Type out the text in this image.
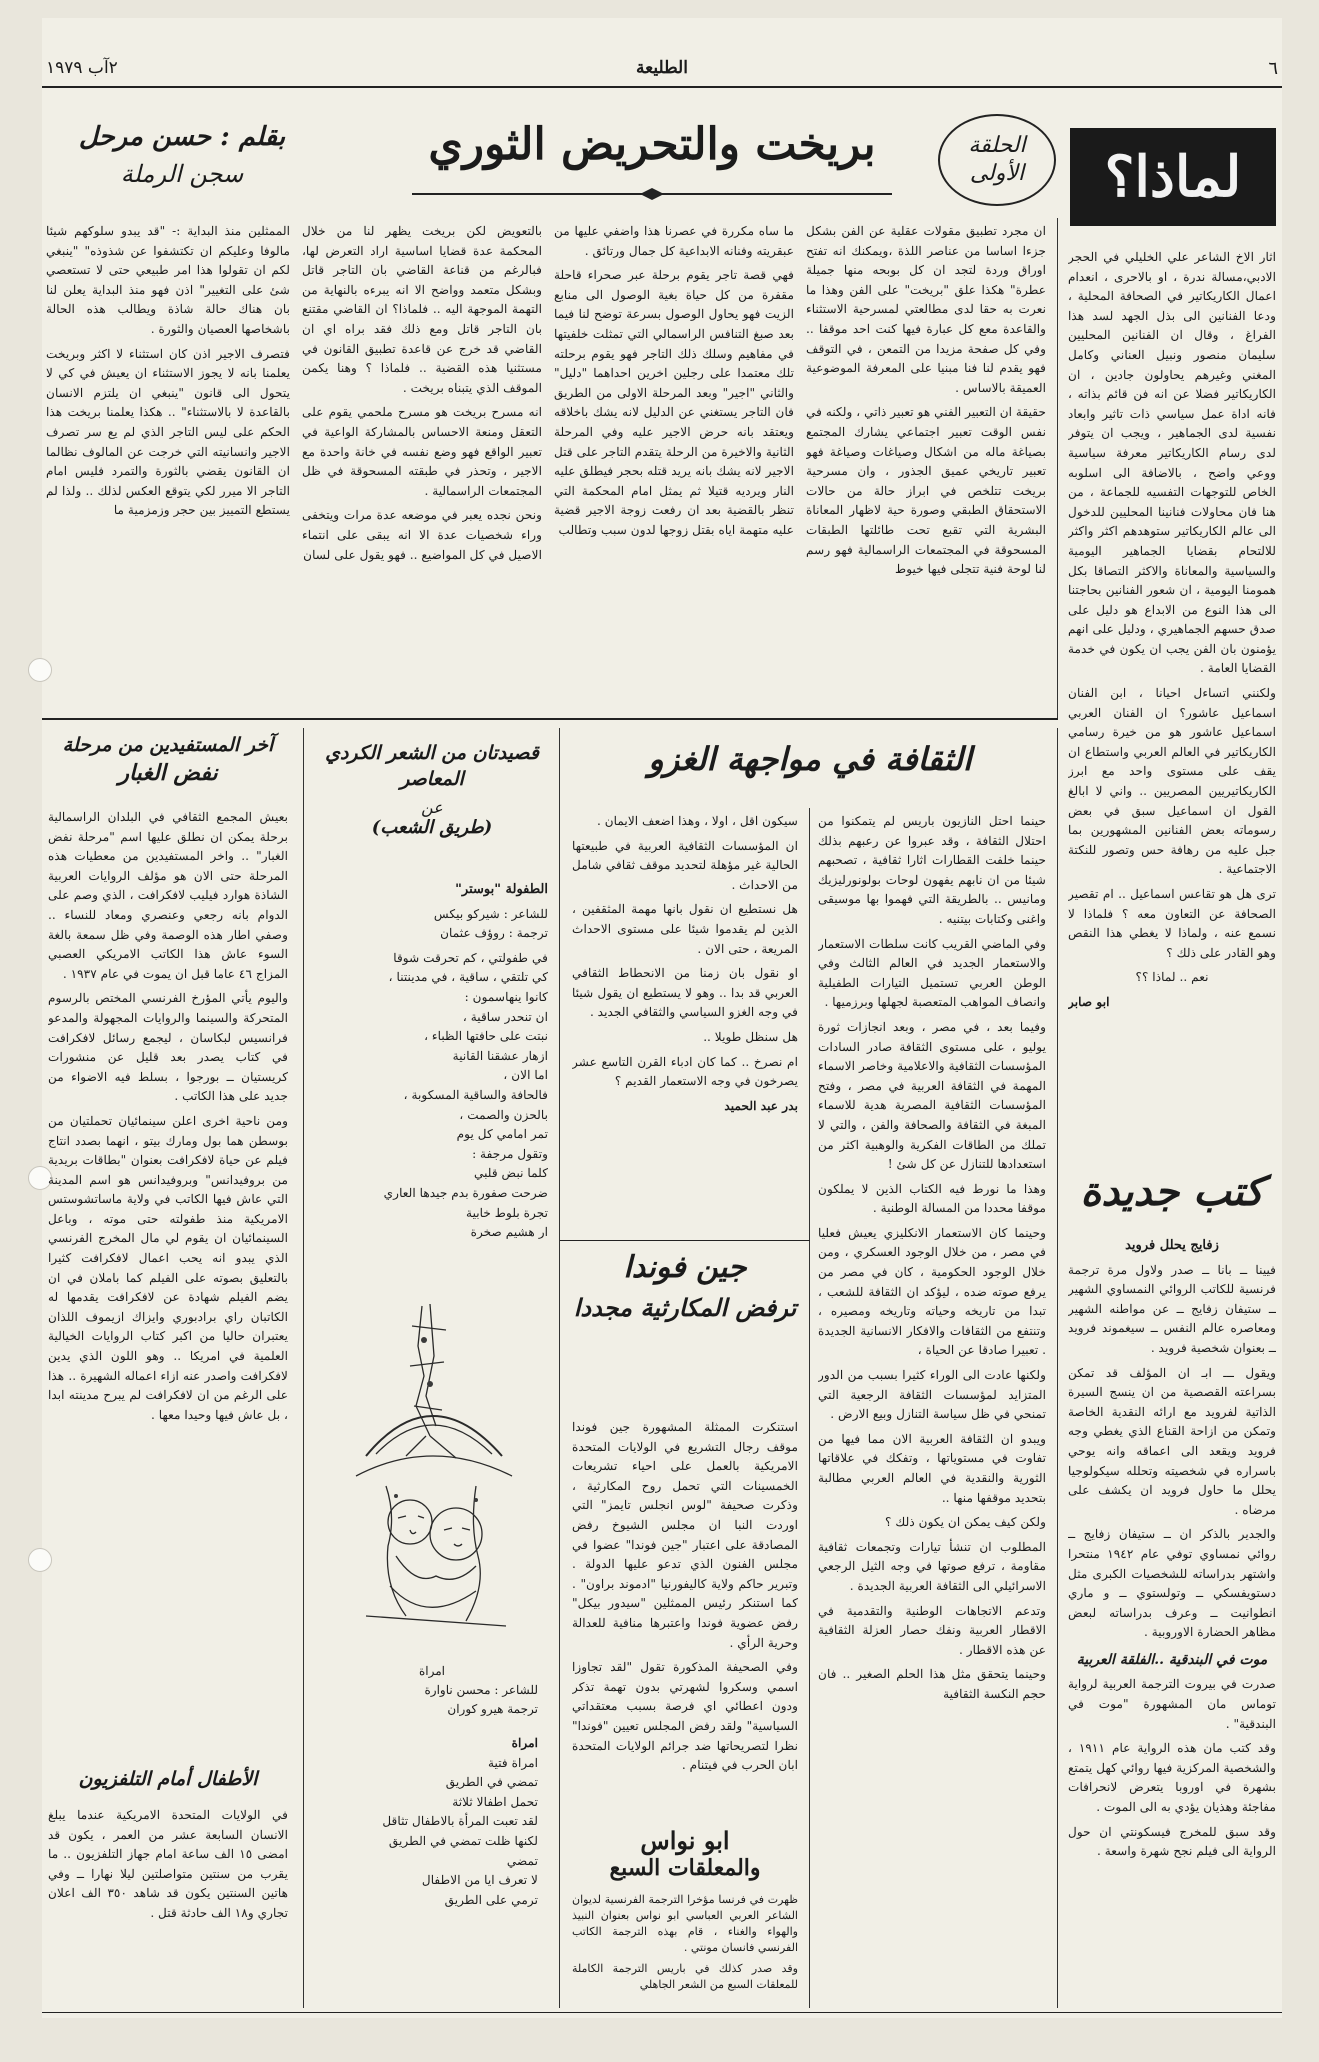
٦
الطليعة
٢آب ١٩٧٩
لماذا؟
الحلقة الأولى
بريخت والتحريض الثوري
بقلم : حسن مرحل
سجن الرملة

اثار الاخ الشاعر علي الخليلي في الحجر الادبي،مسالة ندرة ، او بالاحرى ، انعدام اعمال الكاريكاتير في الصحافة المحلية ، ودعا الفنانين الى بذل الجهد لسد هذا الفراغ ، وقال ان الفنانين المحليين سليمان منصور ونبيل العناني وكامل المغني وغيرهم يحاولون جادين ، ان الكاريكاتير فضلا عن انه فن قائم بذاته ، فانه اداة عمل سياسي ذات تاثير وابعاد نفسية لدى الجماهير ، ويجب ان يتوفر لدى رسام الكاريكاتير معرفة سياسية ووعي واضح ، بالاضافة الى اسلوبه الخاص للتوجهات التفسيه للجماعة ، من هنا فان محاولات فنانينا المحليين للدخول الى عالم الكاريكاتير ستوهدهم اكثر واكثر للالتحام بقضايا الجماهير اليومية والسياسية والمعاناة والاكثر التصاقا بكل همومنا اليومية ، ان شعور الفنانين بحاجتنا الى هذا النوع من الابداع هو دليل على صدق حسهم الجماهيري ، ودليل على انهم يؤمنون بان الفن يجب ان يكون في خدمة القضايا العامة .

ولكنني اتساءل احيانا ، ابن الفنان اسماعيل عاشور؟ ان الفنان العربي اسماعيل عاشور هو من خيرة رسامي الكاريكاتير في العالم العربي واستطاع ان يقف على مستوى واحد مع ابرز الكاريكاتيريين المصريين .. واني لا ابالغ القول ان اسماعيل سبق في بعض رسوماته بعض الفنانين المشهورين بما جبل عليه من رهافة حس وتصور للنكتة الاجتماعية .

ترى هل هو تقاعس اسماعيل .. ام تقصير الصحافة عن التعاون معه ؟ فلماذا لا نسمع عنه ، ولماذا لا يغطي هذا النقص وهو القادر على ذلك ؟

نعم .. لماذا ؟؟

ابو صابر

ان مجرد تطبيق مقولات عقلية عن الفن بشكل جزءا اساسا من عناصر اللذة ،ويمكنك انه تفتح اوراق وردة لتجد ان كل بوبحه منها جميلة عطرة" هكذا علق "بريخت" على الفن وهذا ما نعرت به حقا لدى مطالعتي لمسرحية الاستثناء والقاعدة معع كل عبارة فيها كنت احد موقفا .. وفي كل صفحة مزيدا من التمعن ، في التوقف فهو يقدم لنا فنا مبنيا على المعرفة الموضوعية العميقة بالاساس .

حقيقة ان التعبير الفني هو تعبير ذاتي ، ولكنه في نفس الوقت تعبير اجتماعي يشارك المجتمع بصياغة ماله من اشكال وصياغات وصياغة فهو تعبير تاريخي عميق الجذور ، وان مسرحية بريخت تتلخص في ابراز حالة من حالات الاستحقاق الطبقي وصورة حية لاظهار المعاناة البشرية التي تقبع تحت طائلتها الطبقات المسحوقة في المجتمعات الراسمالية فهو رسم لنا لوحة فنية تتجلى فيها خيوط

ما ساه مكررة في عصرنا هذا واضفي عليها من عبقريته وفنانه الابداعية كل جمال ورتائق .

فهي قصة تاجر يقوم برحلة عبر صحراء قاحلة مقفرة من كل حياة بغية الوصول الى منابع الزيت فهو يحاول الوصول بسرعة توضح لنا فيما بعد صبغ التنافس الراسمالي التي تمثلت خلفيتها في مفاهيم وسلك ذلك التاجر فهو يقوم برحلته تلك معتمدا على رجلين اخرين احداهما "دليل" والثاني "اجير" وبعد المرحلة الاولى من الطريق فان التاجر يستغني عن الدليل لانه يشك باخلاقه ويعتقد بانه حرض الاجير عليه وفي المرحلة الثانية والاخيرة من الرحلة يتقدم التاجر على قتل الاجير لانه يشك بانه يريد قتله بحجر فيطلق عليه النار ويرديه قتيلا ثم يمثل امام المحكمة التي تنظر بالقضية بعد ان رفعت زوجة الاجير قضية عليه متهمة اياه بقتل زوجها لدون سبب وتطالب

بالتعويض لكن بريخت يظهر لنا من خلال المحكمة عدة قضايا اساسية اراد التعرض لها، فبالرغم من قناعة القاضي بان التاجر قاتل وبشكل متعمد وواضح الا انه يبرءه بالنهاية من التهمة الموجهة اليه .. فلماذا؟ ان القاضي مقتنع بان التاجر قاتل ومع ذلك فقد براه اي ان القاضي قد خرج عن قاعدة تطبيق القانون في مستثنيا هذه القضية .. فلماذا ؟ وهنا يكمن الموقف الذي يتبناه بريخت .

انه مسرح بريخت هو مسرح ملحمي يقوم على التعقل ومنعة الاحساس بالمشاركة الواعية في تعبير الواقع فهو وضع نفسه في خانة واحدة مع الاجير ، وتحذر في طبقته المسحوقة في ظل المجتمعات الراسمالية .

ونحن نجده يعبر في موضعه عدة مرات ويتخفى وراء شخصيات عدة الا انه يبقى على انتماء الاصيل في كل المواضيع .. فهو يقول على لسان

الممثلين منذ البداية :- "قد يبدو سلوكهم شيئا مالوفا وعليكم ان تكتشفوا عن شذوذه" "ينبغي لكم ان تقولوا هذا امر طبيعي حتى لا تستعصي شئ على التغيير" اذن فهو منذ البداية يعلن لنا بان هناك حالة شاذة ويطالب هذه الحالة باشخاصها العصيان والثورة .

فتصرف الاجير اذن كان استثناء لا اكثر وبريخت يعلمنا بانه لا يجوز الاستثناء ان يعيش في كي لا يتحول الى قانون "ينبغي ان يلتزم الانسان بالقاعدة لا بالاستثناء" .. هكذا يعلمنا بريخت هذا الحكم على ليس التاجر الذي لم يع سر تصرف الاجير وانسانيته التي خرجت عن المالوف نظالما ان القانون يقضي بالثورة والتمرد فليس امام التاجر الا ميرر لكي يتوقع العكس لذلك .. ولذا لم يستطع التمييز بين حجر وزمزمية ما

كتب جديدة

زفايج يحلل فرويد

فيينا ــ بانا ــ صدر ولاول مرة ترجمة فرنسية للكاتب الروائي النمساوي الشهير ــ ستيفان زفايج ــ عن مواطنه الشهير ومعاصره عالم النفس ــ سيغموند فرويد ــ بعنوان شخصية فرويد .

ويقول ـــ ابـ ان المؤلف قد تمكن بسراعته القصصية من ان ينسج السيرة الذاتية لفرويد مع ارائه النقدية الخاصة وتمكن من ازاحة القناع الذي يغطي وجه فرويد ويقعد الى اعماقه وانه يوحي باسراره في شخصيته وتحلله سيكولوجيا يحلل ما حاول فرويد ان يكشف على مرضاه .

والجدير بالذكر ان ــ ستيفان زفايج ــ روائي نمساوي توفي عام ١٩٤٢ منتحرا واشتهر بدراساته للشخصيات الكبرى مثل دستويفسكي ــ وتولستوي ــ و ماري انطوانيت ــ وعرف بدراساته لبعض مظاهر الحضارة الاوروبية .

موت في البندقية ..الفلقة العربية

صدرت في بيروت الترجمة العربية لرواية توماس مان المشهورة "موت في البندقية" .

وقد كتب مان هذه الرواية عام ١٩١١ ، والشخصية المركزية فيها روائي كهل يتمتع بشهرة في اوروبا يتعرض لانحرافات مفاجئة وهذيان يؤدي به الى الموت .

وقد سبق للمخرج فيسكونتي ان حول الرواية الى فيلم نجح شهرة واسعة .

الثقافة في مواجهة الغزو

حينما احتل النازيون باريس لم يتمكنوا من احتلال الثقافة ، وقد عبروا عن رعبهم بذلك حينما خلفت القطارات اثارا ثقافية ، تصحبهم شيئا من ان نابهم يفهون لوحات بولونورليزيك ومانيس .. بالطريقة التي فهموا بها موسيقى واغنى وكتابات بيتنيه .

وفي الماضي القريب كانت سلطات الاستعمار والاستعمار الجديد في العالم الثالث وفي الوطن العربي تستميل التيارات الطفيلية وانصاف المواهب المتعصبة لجهلها وبرزميها .

وفيما بعد ، في مصر ، وبعد انجازات ثورة يوليو ، على مستوى الثقافة صادر السادات المؤسسات الثقافية والاعلامية وخاصر الاسماء المهمة في الثقافة العربية في مصر ، وفتح المؤسسات الثقافية المصرية هدية للاسماء المبغة في الثقافة والصحافة والفن ، والتي لا تملك من الطاقات الفكرية والوهبية اكثر من استعدادها للتنازل عن كل شئ !

وهذا ما نورط فيه الكتاب الذين لا يملكون موقفا محددا من المسالة الوطنية .

وحينما كان الاستعمار الانكليزي يعيش فعليا في مصر ، من خلال الوجود العسكري ، ومن خلال الوجود الحكومية ، كان في مصر من يرفع صوته ضده ، ليؤكد ان الثقافة للشعب ، تبدا من تاريخه وحياته وتاريخه ومصيره ، وتنتفع من الثقافات والافكار الانسانية الجديدة . تعبيرا صادقا عن الحياة ،

ولكنها عادت الى الوراء كثيرا بسبب من الدور المتزايد لمؤسسات الثقافة الرجعية التي تمنحي في ظل سياسة التنازل وبيع الارض .

ويبدو ان الثقافة العربية الان مما فيها من تفاوت في مستوياتها ، وتفكك في علاقاتها الثورية والنقدية في العالم العربي مطالبة بتحديد موقفها منها ..

ولكن كيف يمكن ان يكون ذلك ؟

المطلوب ان تنشأ تيارات وتجمعات ثقافية مقاومة ، ترفع صوتها في وجه الثيل الرجعي الاسرائيلي الى الثقافة العربية الجديدة .

وتدعم الاتجاهات الوطنية والتقدمية في الاقطار العربية ونفك حصار العزلة الثقافية عن هذه الاقطار .

وحينما يتحقق مثل هذا الحلم الصغير .. فان حجم النكسة الثقافية

سيكون اقل ، اولا ، وهذا اضعف الايمان .

ان المؤسسات الثقافية العربية في طبيعتها الحالية غير مؤهلة لتحديد موقف ثقافي شامل من الاحداث .

هل نستطيع ان نقول بانها مهمة المثقفين ، الذين لم يقدموا شيئا على مستوى الاحداث المريعة ، حتى الان .

او نقول بان زمنا من الانحطاط الثقافي العربي قد بدا .. وهو لا يستطيع ان يقول شيئا في وجه الغزو السياسي والثقافي الجديد .

هل سنظل طويلا ..

ام نصرخ .. كما كان ادباء القرن التاسع عشر يصرخون في وجه الاستعمار القديم ؟

بدر عبد الحميد

جين فوندا
ترفض المكارثية مجددا

استنكرت الممثلة المشهورة جين فوندا موقف رجال التشريع في الولايات المتحدة الامريكية بالعمل على احياء تشريعات الخمسينات التي تحمل روح المكارثية ، وذكرت صحيفة "لوس انجلس تايمز" التي اوردت النبا ان مجلس الشيوخ رفض المصادقة على اعتبار "جين فوندا" عضوا في مجلس الفنون الذي تدعو عليها الدولة . وتبرير حاكم ولاية كاليفورنيا "ادموند براون" . كما استنكر رئيس الممثلين "سيدور بيكل" رفض عضوية فوندا واعتبرها منافية للعدالة وحرية الرأي .

وفي الصحيفة المذكورة تقول "لقد تجاوزا اسمي وسكروا لشهرتي بدون تهمة تذكر ودون اعطائي اي فرصة بسبب معتقداتي السياسية" ولقد رفض المجلس تعيين "فوندا" نظرا لتصريحاتها ضد جرائم الولايات المتحدة ابان الحرب في فيتنام .

ابو نواس
والمعلقات السبع

ظهرت في فرنسا مؤخرا الترجمة الفرنسية لديوان الشاعر العربي العباسي ابو نواس بعنوان النبيذ والهواء والغناء ، قام بهذه الترجمة الكاتب الفرنسي فانسان مونتي .

وقد صدر كذلك في باريس الترجمة الكاملة للمعلقات السبع من الشعر الجاهلي

قصيدتان من الشعر الكردي المعاصر
عن
(طريق الشعب)

الطفولة "بوستر"

للشاعر : شيركو بيكس

ترجمة : روؤف عثمان

في طفولتي ، كم تحرقت شوقا
كي تلتقي ، ساقية ، في مدينتنا ،
كانوا ينهاسمون :
ان تنحدر ساقية ،
نبتت على حافتها الظباء ،
ازهار عشقنا القانية
اما الان ،
فالحافة والساقية المسكوبة ،
بالحزن والصمت ،
تمر امامي كل يوم
وتقول مرجفة :
كلما نبض قلبي
ضرحت صفورة بدم جيدها العاري
تجرة بلوط خابية
ار هشيم صخرة
امراة
للشاعر : محسن ناوارة
ترجمة هيرو كوران
امراة
امراة فتية
تمضي في الطريق
تحمل اطفالا ثلاثة
لقد تعبت المرأة بالاطفال تثاقل
لكنها ظلت تمضي في الطريق
تمضي
لا تعرف ايا من الاطفال
ترمي على الطريق
آخر المستفيدين من مرحلة
نفض الغبار

بعيش المجمع الثقافي في البلدان الراسمالية برحلة يمكن ان نطلق عليها اسم "مرحلة نفض الغبار" .. واخر المستفيدين من معطيات هذه المرحلة حتى الان هو مؤلف الروايات العربية الشاذة هوارد فيليب لافكرافت ، الذي وصم على الدوام بانه رجعي وعنصري ومعاد للنساء .. وصفي اطار هذه الوصمة وفي ظل سمعة بالغة السوء عاش هذا الكاتب الامريكي العصبي المزاج ٤٦ عاما قبل ان يموت في عام ١٩٣٧ .

واليوم يأتي المؤرخ الفرنسي المختص بالرسوم المتحركة والسينما والروايات المجهولة والمدعو فرانسيس لبكاسان ، ليجمع رسائل لافكرافت في كتاب يصدر بعد قليل عن منشورات كريستيان ــ بورجوا ، بسلط فيه الاضواء من جديد على هذا الكاتب .

ومن ناحية اخرى اعلن سينمائيان تحملتيان من بوسطن هما بول ومارك بيتو ، انهما بصدد انتاج فيلم عن حياة لافكرافت بعنوان "بطاقات بريدية من بروفيدانس" وبروفيدانس هو اسم المدينة التي عاش فيها الكاتب في ولاية ماساتشوستس الامريكية منذ طفولته حتى موته ، وباعل السينمائيان ان يقوم لي مال المخرج الفرنسي الذي يبدو انه يحب اعمال لافكرافت كثيرا بالتعليق بصوته على الفيلم كما باملان في ان يضم الفيلم شهادة عن لافكرافت يقدمها له الكاتبان راي برادبوري وايزاك ازيموف اللذان يعتبران حاليا من اكبر كتاب الروايات الخيالية العلمية في امريكا .. وهو اللون الذي يدين لافكرافت واصدر عنه ازاء اعماله الشهيرة .. هذا على الرغم من ان لافكرافت لم يبرح مدينته ابدا ، بل عاش فيها وحيدا معها .

الأطفال أمام التلفزيون

في الولايات المتحدة الامريكية عندما يبلغ الانسان السابعة عشر من العمر ، يكون قد امضى ١٥ الف ساعة امام جهاز التلفزيون .. ما يقرب من سنتين متواصلتين ليلا نهارا ــ وفي هاتين السنتين يكون قد شاهد ٣٥٠ الف اعلان تجاري و١٨ الف حادثة قتل .
